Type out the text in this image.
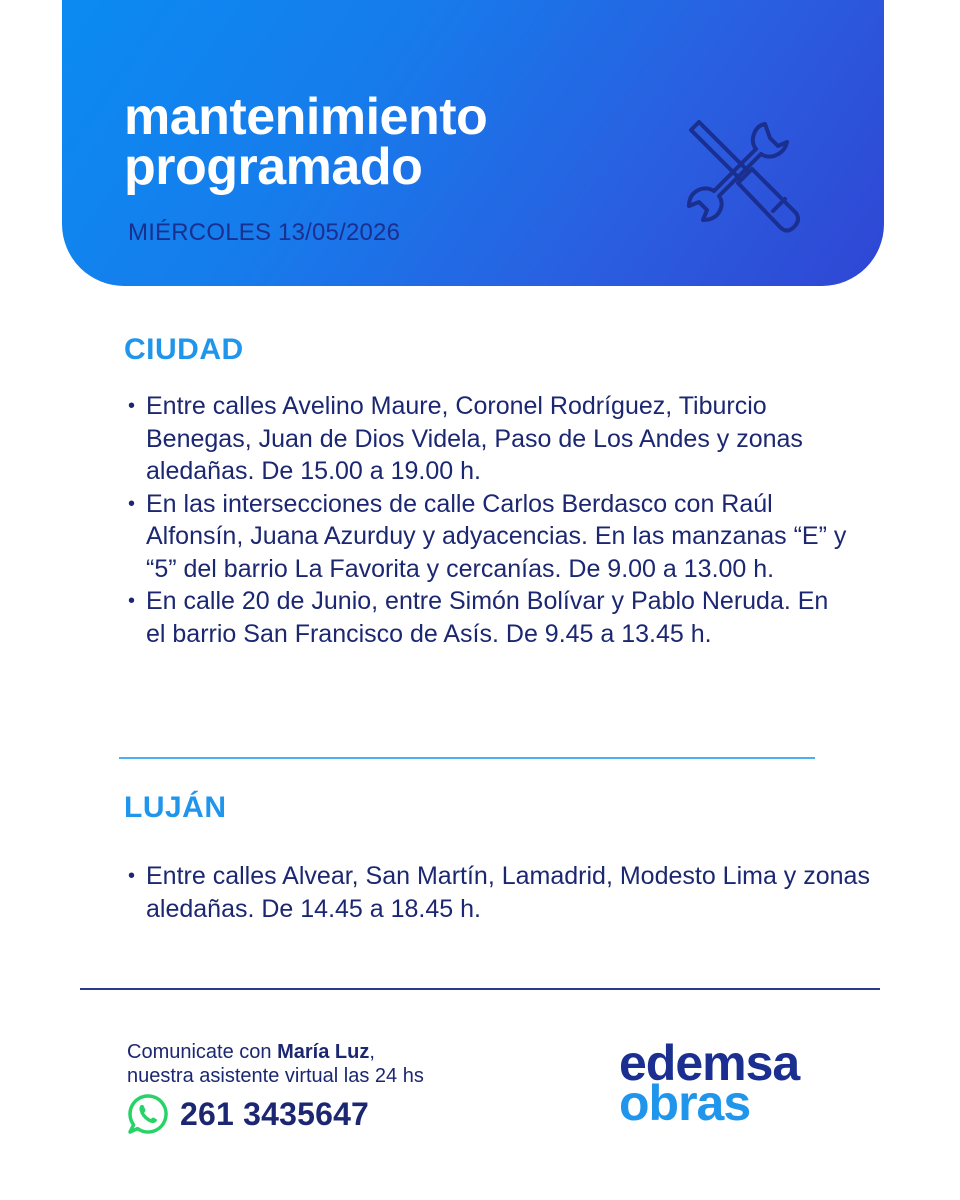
mantenimiento
programado
MIÉRCOLES 13/05/2026
CIUDAD
• Entre calles Avelino Maure, Coronel Rodríguez, Tiburcio Benegas, Juan de Dios Videla, Paso de Los Andes y zonas aledañas. De 15.00 a 19.00 h.
• En las intersecciones de calle Carlos Berdasco con Raúl Alfonsín, Juana Azurduy y adyacencias. En las manzanas “E” y “5” del barrio La Favorita y cercanías. De 9.00 a 13.00 h.
• En calle 20 de Junio, entre Simón Bolívar y Pablo Neruda. En el barrio San Francisco de Asís. De 9.45 a 13.45 h.
LUJÁN
• Entre calles Alvear, San Martín, Lamadrid, Modesto Lima y zonas aledañas. De 14.45 a 18.45 h.
Comunicate con María Luz,
nuestra asistente virtual las 24 hs
261 3435647
edemsa
obras
